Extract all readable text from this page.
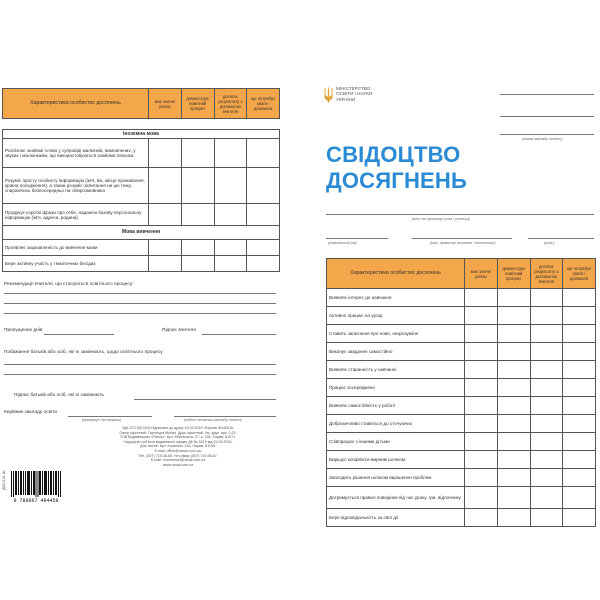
Характеристика особистих досягнень	має значні успіхи	демонструє помітний прогрес	досягає результату з допомогою вчителя	ще потребує уваги і допомоги

Іноземна мова				
Розпізнає знайомі слова у супровіді малюнків, вимовлених, у звуках і малюнками, що використовуються знайома лексика				
Розуміє просту особисту інформацію (ім'я, вік, місце проживання, країна походження), а також розуміє запитання на цю тему, спираючись безпосередньо на співрозмовника				
Продукує короткі фрази про себе, надаючи базову персональну інформацію (ім'я, адреса, родина)				
Мова вивчення				
Проявляє зацікавленість до вивчення мови				
Бере активну участь у тематичних бесідах				
Рекомендації вчителя, що стосуються освітнього процесу:
Пропущених днів	Підпис вчителя
Побажання батьків або осіб, які їх замінюють, щодо освітнього процесу
Підпис батьків або осіб, які їх замінюють
Керівник закладу освіти
(прізвище та ініціали)	(підпис печатка закладу освіти)
УДК 373.3(0.034) Підписано до друку 15.02.2019. Формат 60х84/16.
Папір офсетний. Гарнітура Myriad. Друк офсетний. Ум. друк. арк. 0,25.
ТОВ Видавництво «Ранок», вул. Кібальчича, 27, к. 135, Харків, 61071.
Свідоцтво суб'єкта видавничої справи ДК № 5215 від 22.09.2016.
Для листів: вул. Космічна, 21а, Харків, 61145.
E-mail: office@ranok.com.ua.
Тел. (057) 719-48-65, тел./факс (057) 719-58-67.
E-mail: commerce@ranok.com.ua
www.ranok.com.ua
Д31Ч101 А1
9 789667 494458
МІНІСТЕРСТВО
ОСВІТИ І НАУКИ
УКРАЇНИ
(назва закладу освіти)
СВІДОЦТВО
ДОСЯГНЕНЬ
(ім'я та прізвище учня / учениці)
(навчальний рік)	(ім'я, прізвище вчителя / вчительки)	(клас)
Характеристика особистих досягнень	має значні успіхи	демонструє помітний прогрес	досягає результату з допомогою вчителя	ще потребує уваги і допомоги
Виявляє інтерес до навчання				
Активно працює на уроці				
Ставить запитання про нове, незрозуміле				
Виконує завдання самостійно				
Виявляє старанність у навчанні				
Працює зосереджено				
Виявляє самостійність у роботі				
Доброзичливо ставиться до оточуючих				
Співпрацює з іншими дітьми				
Вирішує конфлікти мирним шляхом				
Знаходить рішення шляхом вирішення проблем				
Дотримується правил поведінки під час уроку, гри, відпочинку				
Бере відповідальність за свої дії				
